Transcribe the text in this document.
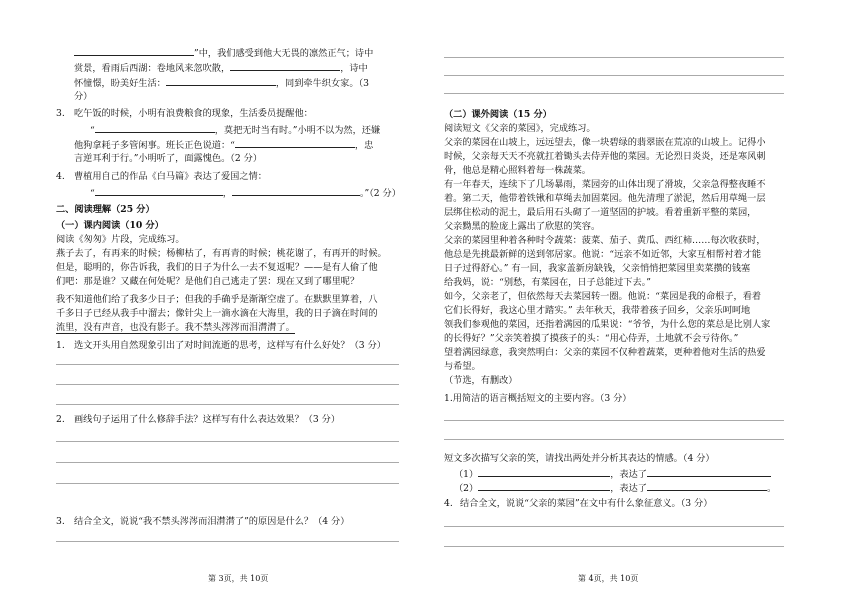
”中，我们感受到他大无畏的凛然正气；诗中
赏景，看雨后西湖：卷地风来忽吹散，	，诗中
怀憧憬，盼美好生活：	，同到牵牛织女家。（3
分）
3. 吃午饭的时候，小明有浪费粮食的现象，生活委员提醒他：
“	，莫把无时当有时。”小明不以为然，还嫌
他狗拿耗子多管闲事。班长正色说道：“	，忠
言逆耳利于行。”小明听了，面露愧色。（2 分）
4. 曹植用自己的作品《白马篇》表达了爱国之情：
“	，	。”（2 分）
二、阅读理解（25 分）
（一）课内阅读（10 分）
阅读《匆匆》片段，完成练习。
燕子去了，有再来的时候；杨柳枯了，有再青的时候；桃花谢了，有再开的时候。
但是，聪明的，你告诉我，我们的日子为什么一去不复返呢？——是有人偷了他
们吧：那是谁？又藏在何处呢？是他们自己逃走了罢：现在又到了哪里呢？
我不知道他们给了我多少日子；但我的手确乎是渐渐空虚了。在默默里算着，八
千多日子已经从我手中溜去；像针尖上一滴水滴在大海里，我的日子滴在时间的
流里，没有声音，也没有影子。我不禁头涔涔而泪潸潸了。
1. 选文开头用自然现象引出了对时间流逝的思考，这样写有什么好处？（3 分）
2. 画线句子运用了什么修辞手法？这样写有什么表达效果？（3 分）
3. 结合全文，说说“我不禁头涔涔而泪潸潸了”的原因是什么？（4 分）
第 3页，共 10页
（二）课外阅读（15 分）
阅读短文《父亲的菜园》，完成练习。
父亲的菜园在山坡上，远远望去，像一块碧绿的翡翠嵌在荒凉的山坡上。记得小
时候，父亲每天天不亮就扛着锄头去侍弄他的菜园。无论烈日炎炎，还是寒风刺
骨，他总是精心照料着每一株蔬菜。
有一年春天，连续下了几场暴雨，菜园旁的山体出现了滑坡，父亲急得整夜睡不
着。第二天，他带着铁锹和草绳去加固菜园。他先清理了淤泥，然后用草绳一层
层绑住松动的泥土，最后用石头砌了一道坚固的护坡。看着重新平整的菜园，
父亲黝黑的脸庞上露出了欣慰的笑容。
父亲的菜园里种着各种时令蔬菜：菠菜、茄子、黄瓜、西红柿……每次收获时，
他总是先挑最新鲜的送到邻居家。他说：“远亲不如近邻，大家互相帮衬着才能
日子过得舒心。” 有一回，我家盖新房缺钱，父亲悄悄把菜园里卖菜攒的钱塞
给我妈，说：“别愁，有菜园在，日子总能过下去。”
如今，父亲老了，但依然每天去菜园转一圈。他说：“菜园是我的命根子，看着
它们长得好，我这心里才踏实。” 去年秋天，我带着孩子回乡，父亲乐呵呵地
领我们参观他的菜园，还指着满园的瓜果说：“爷爷，为什么您的菜总是比别人家
的长得好？”父亲笑着摸了摸孩子的头：“用心侍弄，土地就不会亏待你。”
望着满园绿意，我突然明白：父亲的菜园不仅种着蔬菜，更种着他对生活的热爱
与希望。
（节选，有删改）
1.用简洁的语言概括短文的主要内容。（3 分）
短文多次描写父亲的笑，请找出两处并分析其表达的情感。（4 分）
（1）	，表达了
（2）	，表达了	。
4. 结合全文，说说“父亲的菜园”在文中有什么象征意义。（3 分）
第 4页，共 10页
